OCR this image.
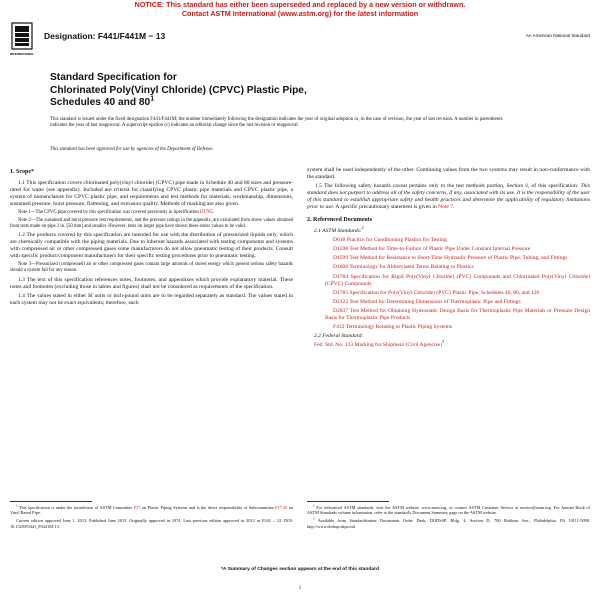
NOTICE: This standard has either been superseded and replaced by a new version or withdrawn.
Contact ASTM International (www.astm.org) for the latest information
INTERNATIONAL
Designation: F441/F441M − 13	An American National Standard
Standard Specification for
Chlorinated Poly(Vinyl Chloride) (CPVC) Plastic Pipe,
Schedules 40 and $80^1$
This standard is issued under the fixed designation F441/F441M; the number immediately following the designation indicates the year of original adoption or, in the case of revision, the year of last revision. A number in parentheses indicates the year of last reapproval. A superscript epsilon (ε) indicates an editorial change since the last revision or reapproval.
This standard has been approved for use by agencies of the Department of Defense.
1. Scope*

1.1 This specification covers chlorinated poly(vinyl chloride) (CPVC) pipe made in Schedule 40 and 80 sizes and pressure-rated for water (see appendix). Included are criteria for classifying CPVC plastic pipe materials and CPVC plastic pipe, a system of nomenclature for CPVC plastic pipe, and requirements and test methods for materials, workmanship, dimensions, sustained pressure, burst pressure, flattening, and extrusion quality. Methods of marking are also given.

Note 1—The CPVC pipe covered by this specification was covered previously in Specification D1785.

Note 2—The sustained and burst pressure test requirements, and the pressure ratings in the appendix, are calculated from stress values obtained from tests made on pipe 2 in. [50 mm] and smaller. However, tests on larger pipe have shown these stress values to be valid.

1.2 The products covered by this specification are intended for use with the distribution of pressurized liquids only, which are chemically compatible with the piping materials. Due to inherent hazards associated with testing components and systems with compressed air or other compressed gases some manufacturers do not allow pneumatic testing of their products. Consult with specific product/component manufacturers for their specific testing procedures prior to pneumatic testing.

Note 3—Pressurized (compressed) air or other compressed gases contain large amounts of stored energy which present serious safety hazards should a system fail for any reason.

1.3 The text of this specification references notes, footnotes, and appendixes which provide explanatory material. These notes and footnotes (excluding those in tables and figures) shall not be considered as requirements of the specification.

1.4 The values stated in either SI units or inch-pound units are to be regarded separately as standard. The values stated in each system may not be exact equivalents; therefore, each

system shall be used independently of the other. Combining values from the two systems may result in non-conformance with the standard.

1.5 The following safety hazards caveat pertains only to the test methods portion, Section 8, of this specification: This standard does not purport to address all of the safety concerns, if any, associated with its use. It is the responsibility of the user of this standard to establish appropriate safety and health practices and determine the applicability of regulatory limitations prior to use. A specific precautionary statement is given in Note 7.

2. Referenced Documents

2.1 ASTM Standards:$^2$

D618 Practice for Conditioning Plastics for Testing

D1598 Test Method for Time-to-Failure of Plastic Pipe Under Constant Internal Pressure

D1599 Test Method for Resistance to Short-Time Hydraulic Pressure of Plastic Pipe, Tubing, and Fittings

D1600 Terminology for Abbreviated Terms Relating to Plastics

D1784 Specification for Rigid Poly(Vinyl Chloride) (PVC) Compounds and Chlorinated Poly(Vinyl Chloride) (CPVC) Compounds

D1785 Specification for Poly(Vinyl Chloride) (PVC) Plastic Pipe, Schedules 40, 80, and 120

D2122 Test Method for Determining Dimensions of Thermoplastic Pipe and Fittings

D2837 Test Method for Obtaining Hydrostatic Design Basis for Thermoplastic Pipe Materials or Pressure Design Basis for Thermoplastic Pipe Products

F412 Terminology Relating to Plastic Piping Systems

2.2 Federal Standard:

Fed. Std. No. 123 Marking for Shipment (Civil Agencies)$^3$

$^1$ This specification is under the jurisdiction of ASTM Committee F17 on Plastic Piping Systems and is the direct responsibility of Subcommittee F17.25 on Vinyl Based Pipe.
Current edition approved June 1, 2013. Published June 2013. Originally approved in 1974. Last previous edition approved in 2012 as F441 – 12. DOI: 10.1520/F0441_F0441M-13.
$^2$ For referenced ASTM standards, visit the ASTM website, www.astm.org, or contact ASTM Customer Service at service@astm.org. For Annual Book of ASTM Standards volume information, refer to the standard's Document Summary page on the ASTM website.
$^3$ Available from Standardization Documents Order Desk, DODSSP, Bldg. 4, Section D, 700 Robbins Ave., Philadelphia, PA 19111-5098, http://www.dodssp.daps.mil.
*A Summary of Changes section appears at the end of this standard
1
